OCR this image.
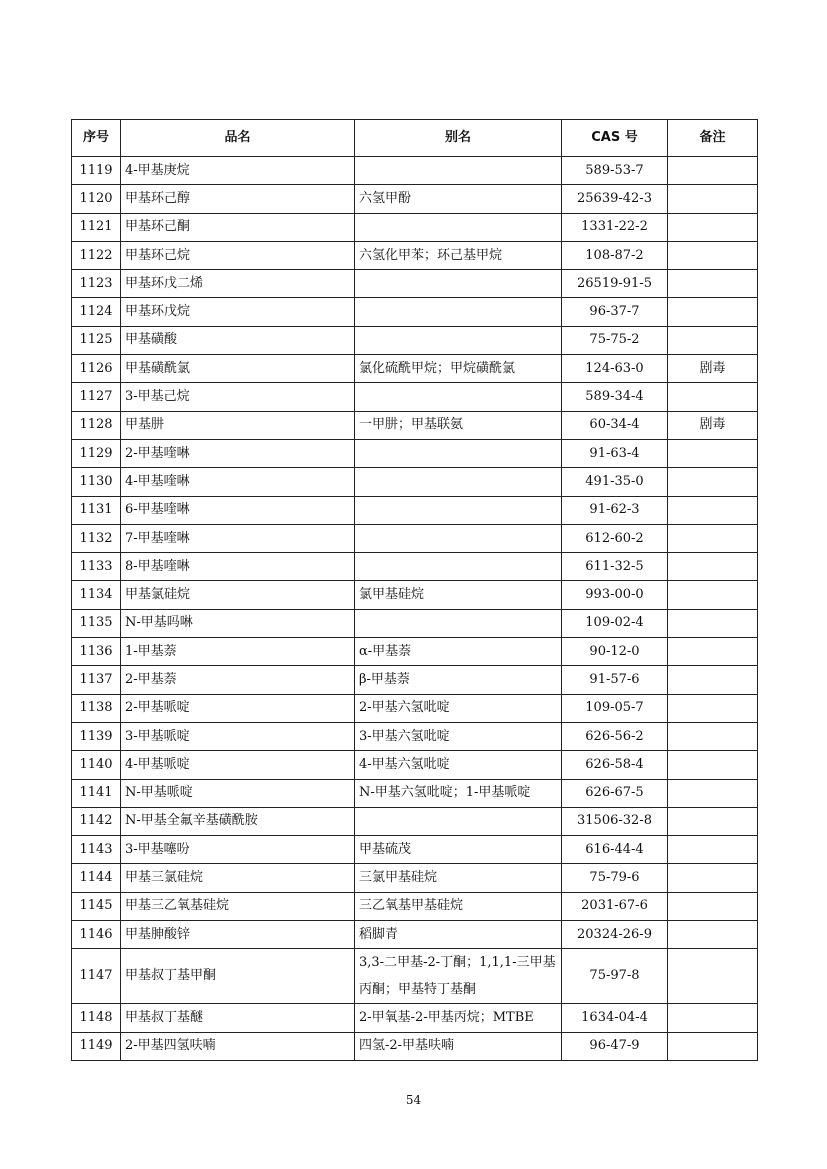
序号	品名	别名	CAS 号	备注
1119	4-甲基庚烷		589-53-7	
1120	甲基环己醇	六氢甲酚	25639-42-3	
1121	甲基环己酮		1331-22-2	
1122	甲基环己烷	六氢化甲苯；环己基甲烷	108-87-2	
1123	甲基环戊二烯		26519-91-5	
1124	甲基环戊烷		96-37-7	
1125	甲基磺酸		75-75-2	
1126	甲基磺酰氯	氯化硫酰甲烷；甲烷磺酰氯	124-63-0	剧毒
1127	3-甲基己烷		589-34-4	
1128	甲基肼	一甲肼；甲基联氨	60-34-4	剧毒
1129	2-甲基喹啉		91-63-4	
1130	4-甲基喹啉		491-35-0	
1131	6-甲基喹啉		91-62-3	
1132	7-甲基喹啉		612-60-2	
1133	8-甲基喹啉		611-32-5	
1134	甲基氯硅烷	氯甲基硅烷	993-00-0	
1135	N-甲基吗啉		109-02-4	
1136	1-甲基萘	α-甲基萘	90-12-0	
1137	2-甲基萘	β-甲基萘	91-57-6	
1138	2-甲基哌啶	2-甲基六氢吡啶	109-05-7	
1139	3-甲基哌啶	3-甲基六氢吡啶	626-56-2	
1140	4-甲基哌啶	4-甲基六氢吡啶	626-58-4	
1141	N-甲基哌啶	N-甲基六氢吡啶；1-甲基哌啶	626-67-5	
1142	N-甲基全氟辛基磺酰胺		31506-32-8	
1143	3-甲基噻吩	甲基硫茂	616-44-4	
1144	甲基三氯硅烷	三氯甲基硅烷	75-79-6	
1145	甲基三乙氧基硅烷	三乙氧基甲基硅烷	2031-67-6	
1146	甲基胂酸锌	稻脚青	20324-26-9	
1147	甲基叔丁基甲酮	3,3-二甲基-2-丁酮；1,1,1-三甲基丙酮；甲基特丁基酮	75-97-8	
1148	甲基叔丁基醚	2-甲氧基-2-甲基丙烷；MTBE	1634-04-4	
1149	2-甲基四氢呋喃	四氢-2-甲基呋喃	96-47-9	
54
